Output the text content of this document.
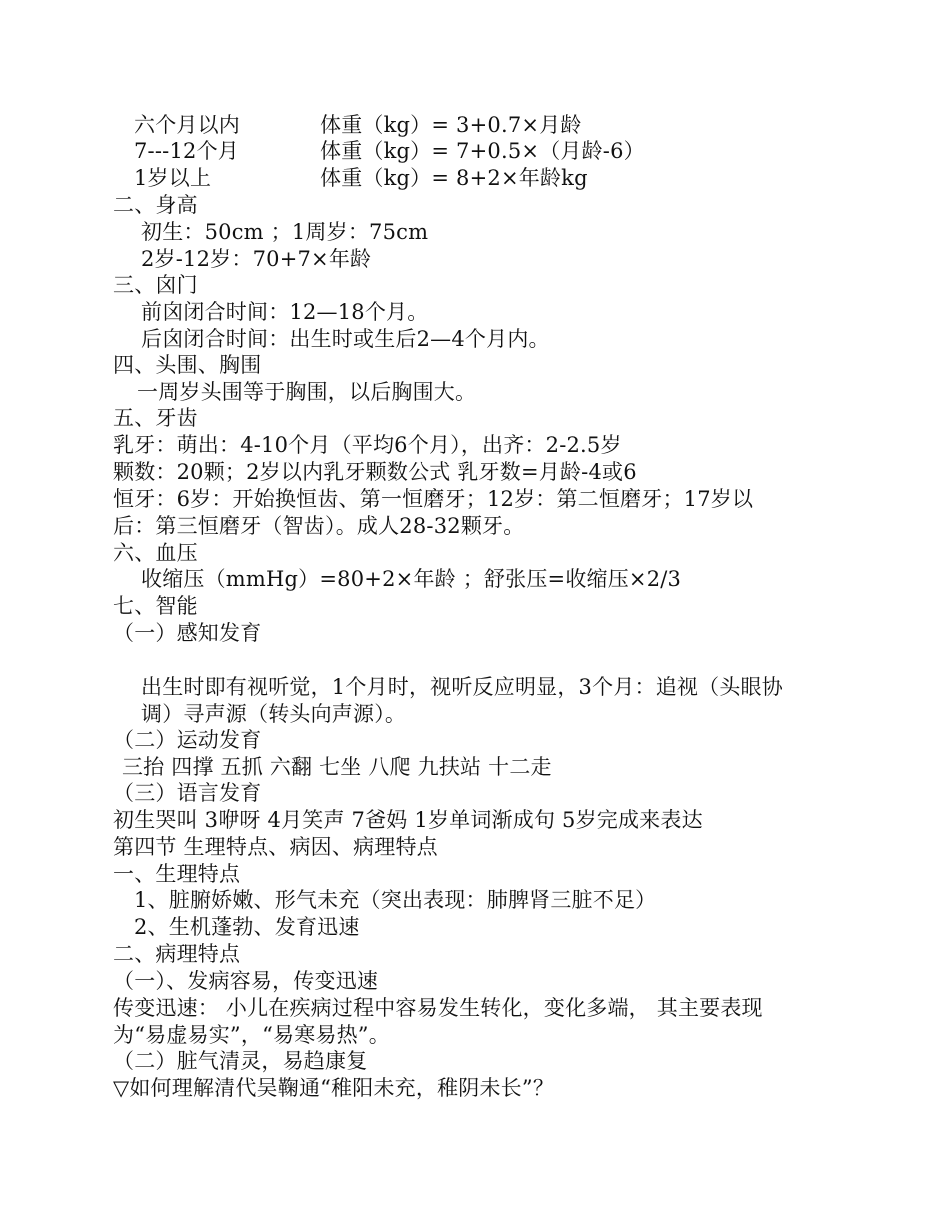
六个月以内	体重（kg）= 3+0.7×月龄
7---12个月	体重（kg）= 7+0.5×（月龄-6）
1岁以上	体重（kg）= 8+2×年龄kg
二、身高
初生：50cm ；1周岁：75cm
2岁-12岁：70+7×年龄
三、囟门
前囟闭合时间：12—18个月。
后囟闭合时间：出生时或生后2—4个月内。
四、头围、胸围
一周岁头围等于胸围，以后胸围大。
五、牙齿
乳牙：萌出：4-10个月（平均6个月），出齐：2-2.5岁
颗数：20颗；2岁以内乳牙颗数公式 乳牙数=月龄-4或6
恒牙：6岁：开始换恒齿、第一恒磨牙；12岁：第二恒磨牙；17岁以
后：第三恒磨牙（智齿）。成人28-32颗牙。
六、血压
收缩压（mmHg）=80+2×年龄 ；舒张压=收缩压×2/3
七、智能
（一）感知发育
出生时即有视听觉，1个月时，视听反应明显，3个月：追视（头眼协
调）寻声源（转头向声源）。
（二）运动发育
三抬 四撑 五抓 六翻 七坐 八爬 九扶站 十二走
（三）语言发育
初生哭叫 3咿呀 4月笑声 7爸妈 1岁单词渐成句 5岁完成来表达
第四节 生理特点、病因、病理特点
一、生理特点
1、脏腑娇嫩、形气未充（突出表现：肺脾肾三脏不足）
2、生机蓬勃、发育迅速
二、病理特点
（一）、发病容易，传变迅速
传变迅速： 小儿在疾病过程中容易发生转化，变化多端， 其主要表现
为“易虚易实”，“易寒易热”。
（二）脏气清灵，易趋康复
▽如何理解清代吴鞠通“稚阳未充，稚阴未长”？
